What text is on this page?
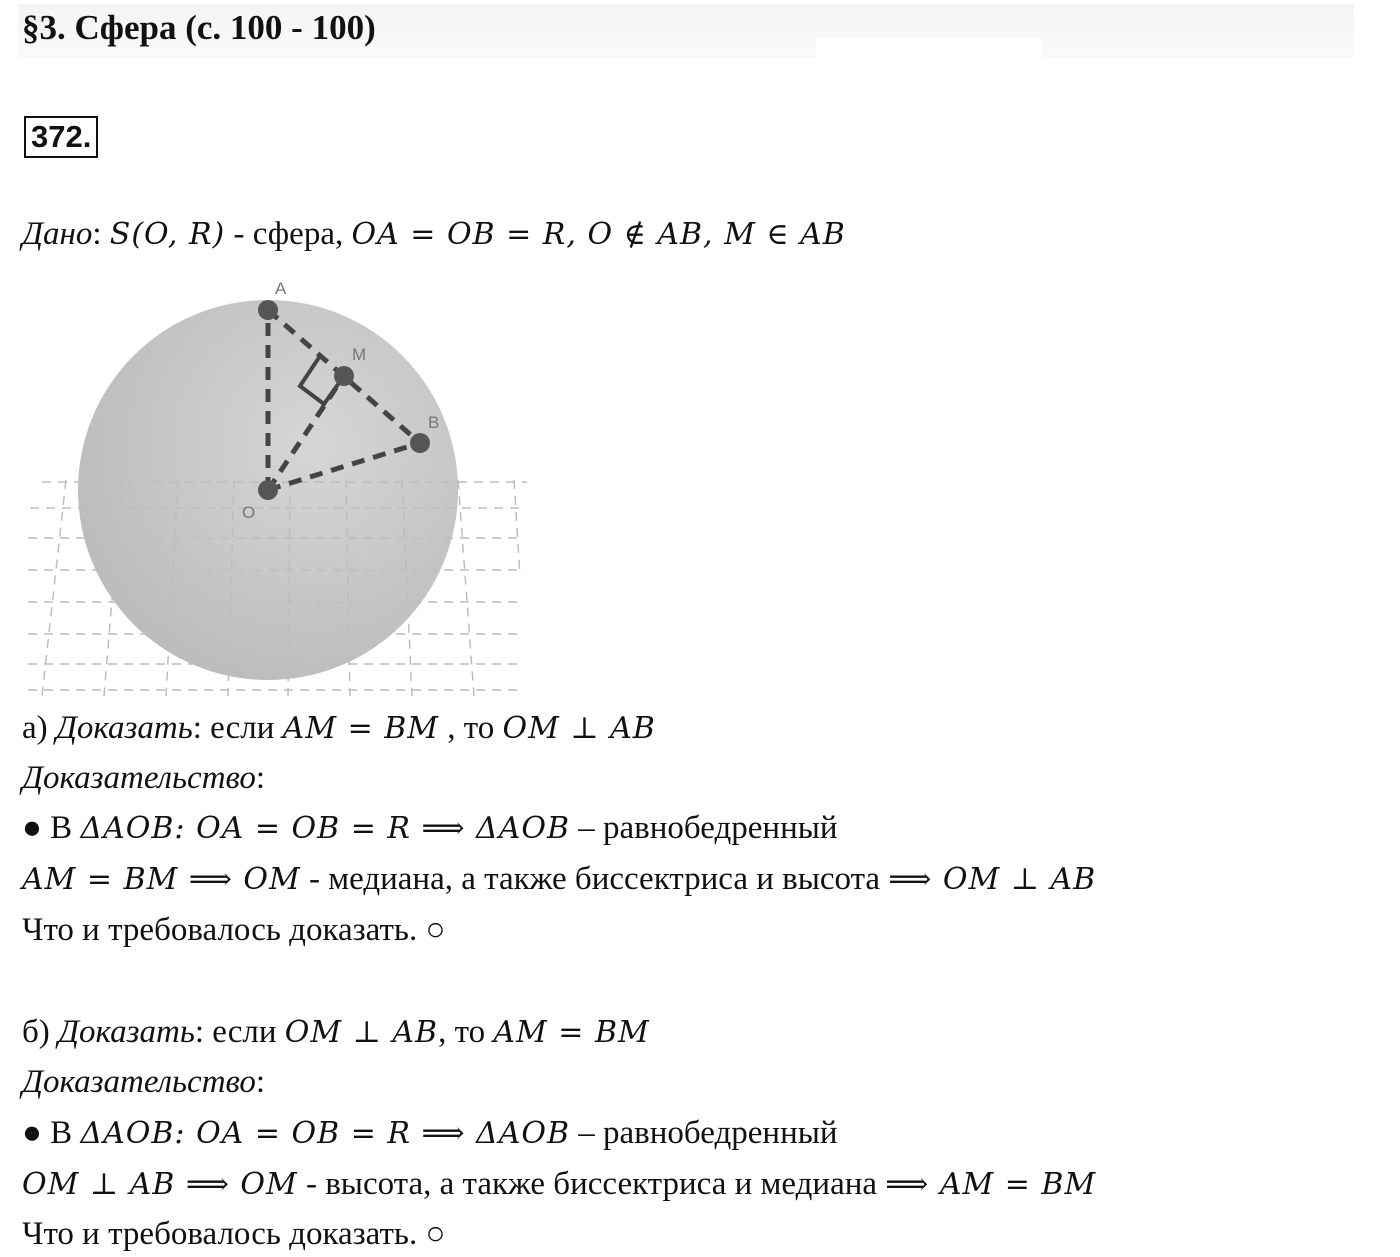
§3. Сфера (с. 100 - 100)
372.

Дано: S(O, R) - сфера, OA = OB = R, O ∉ AB, M ∈ AB

A
M
B
O

а) Доказать: если AM = BM , то OM ⊥ AB

Доказательство:

● В ΔAOB: OA = OB = R ⟹ ΔAOB – равнобедренный

AM = BM ⟹ OM - медиана, а также биссектриса и высота ⟹ OM ⊥ AB

Что и требовалось доказать. ○

б) Доказать: если OM ⊥ AB, то AM = BM

Доказательство:

● В ΔAOB: OA = OB = R ⟹ ΔAOB – равнобедренный

OM ⊥ AB ⟹ OM - высота, а также биссектриса и медиана ⟹ AM = BM

Что и требовалось доказать. ○
